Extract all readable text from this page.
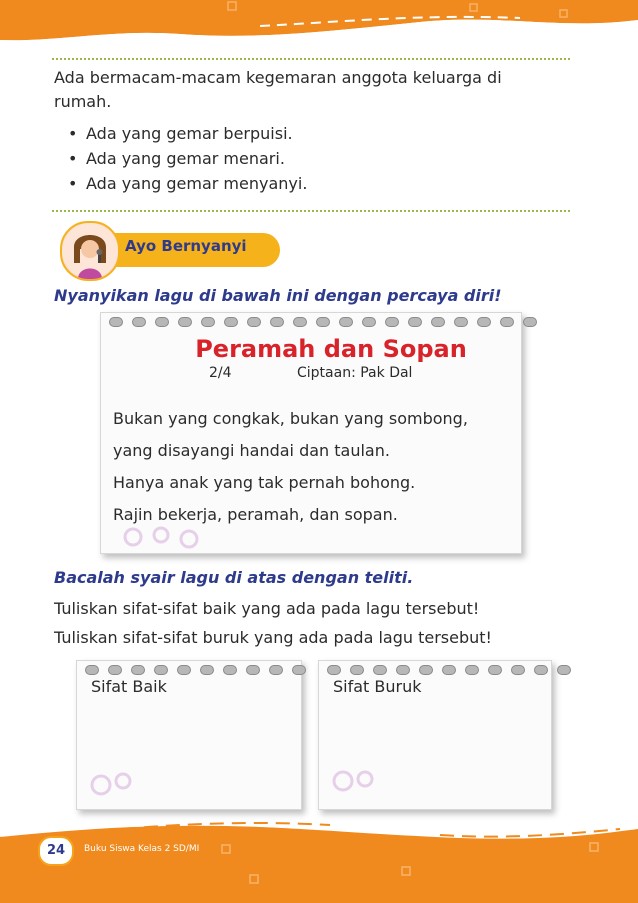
Ada bermacam-macam kegemaran anggota keluarga di
rumah.
• Ada yang gemar berpuisi.
• Ada yang gemar menari.
• Ada yang gemar menyanyi.
Ayo Bernyanyi
Nyanyikan lagu di bawah ini dengan percaya diri!
Peramah dan Sopan
2/4	Ciptaan: Pak Dal
Bukan yang congkak, bukan yang sombong,
yang disayangi handai dan taulan.
Hanya anak yang tak pernah bohong.
Rajin bekerja, peramah, dan sopan.
Bacalah syair lagu di atas dengan teliti.
Tuliskan sifat-sifat baik yang ada pada lagu tersebut!
Tuliskan sifat-sifat buruk yang ada pada lagu tersebut!
Sifat Baik	Sifat Buruk
24	Buku Siswa Kelas 2 SD/MI
